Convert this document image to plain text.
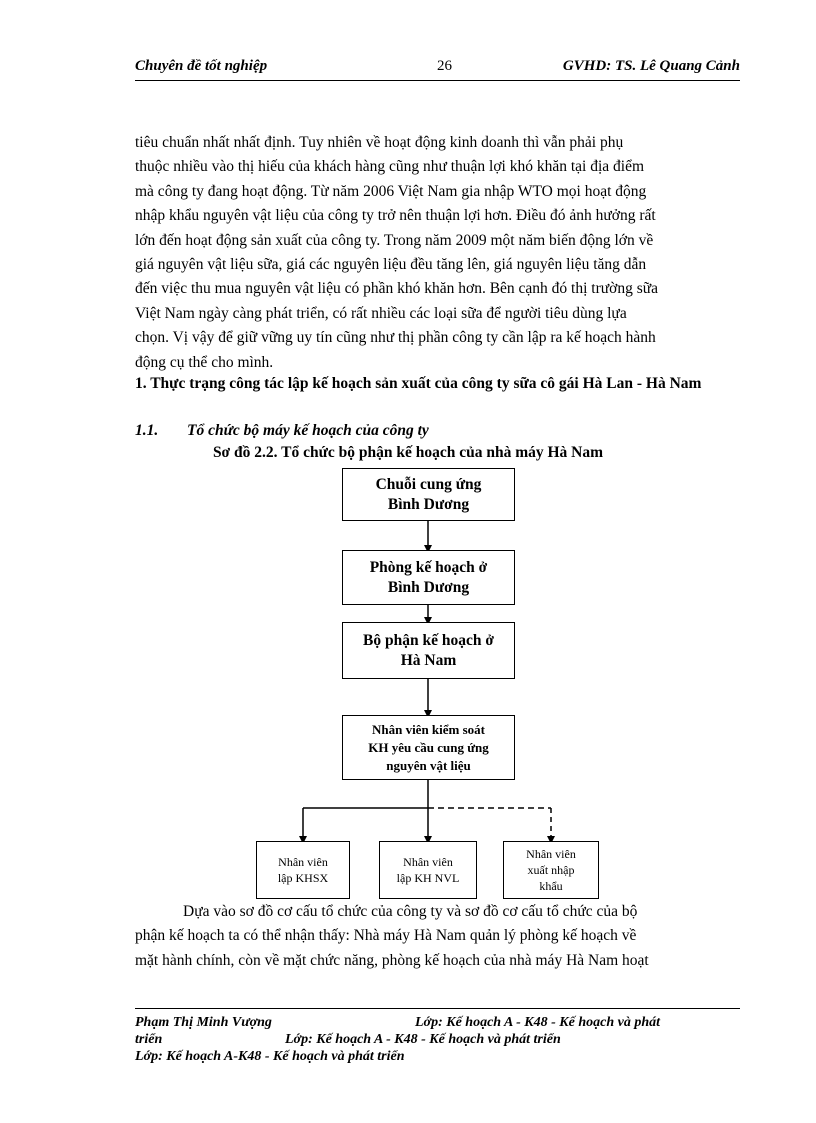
Chuyên đề tốt nghiệp	26	GVHD: TS. Lê Quang Cảnh
tiêu chuẩn nhất nhất định. Tuy nhiên về hoạt động kinh doanh thì vẫn phải phụ
thuộc nhiều vào thị hiếu của khách hàng cũng như thuận lợi khó khăn tại địa điểm
mà công ty đang hoạt động. Từ năm 2006 Việt Nam gia nhập WTO mọi hoạt động
nhập khẩu nguyên vật liệu của công ty trở nên thuận lợi hơn. Điều đó ảnh hưởng rất
lớn đến hoạt động sản xuất của công ty. Trong năm 2009 một năm biến động lớn về
giá nguyên vật liệu sữa, giá các nguyên liệu đều tăng lên, giá nguyên liệu tăng dẫn
đến việc thu mua nguyên vật liệu có phần khó khăn hơn. Bên cạnh đó thị trường sữa
Việt Nam ngày càng phát triển, có rất nhiều các loại sữa để người tiêu dùng lựa
chọn. Vị vậy để giữ vững uy tín cũng như thị phần công ty cần lập ra kế hoạch hành
động cụ thể cho mình.
1. Thực trạng công tác lập kế hoạch sản xuất của công ty sữa cô gái Hà Lan - Hà Nam
1.1. Tổ chức bộ máy kế hoạch của công ty
Sơ đồ 2.2. Tổ chức bộ phận kế hoạch của nhà máy Hà Nam
Chuỗi cung ứng
Bình Dương
Phòng kế hoạch ở
Bình Dương
Bộ phận kế hoạch ở
Hà Nam
Nhân viên kiểm soát
KH yêu cầu cung ứng
nguyên vật liệu
Nhân viên
lập KHSX
Nhân viên
lập KH NVL
Nhân viên
xuất nhập
khẩu
Dựa vào sơ đồ cơ cấu tổ chức của công ty và sơ đồ cơ cấu tổ chức của bộ
phận kế hoạch ta có thể nhận thấy: Nhà máy Hà Nam quản lý phòng kế hoạch về
mặt hành chính, còn về mặt chức năng, phòng kế hoạch của nhà máy Hà Nam hoạt
Phạm Thị Minh Vượng	Lớp: Kế hoạch A - K48 - Kế hoạch và phát
triển	Lớp: Kế hoạch A - K48 - Kế hoạch và phát triển
Lớp: Kế hoạch A-K48 - Kế hoạch và phát triển
